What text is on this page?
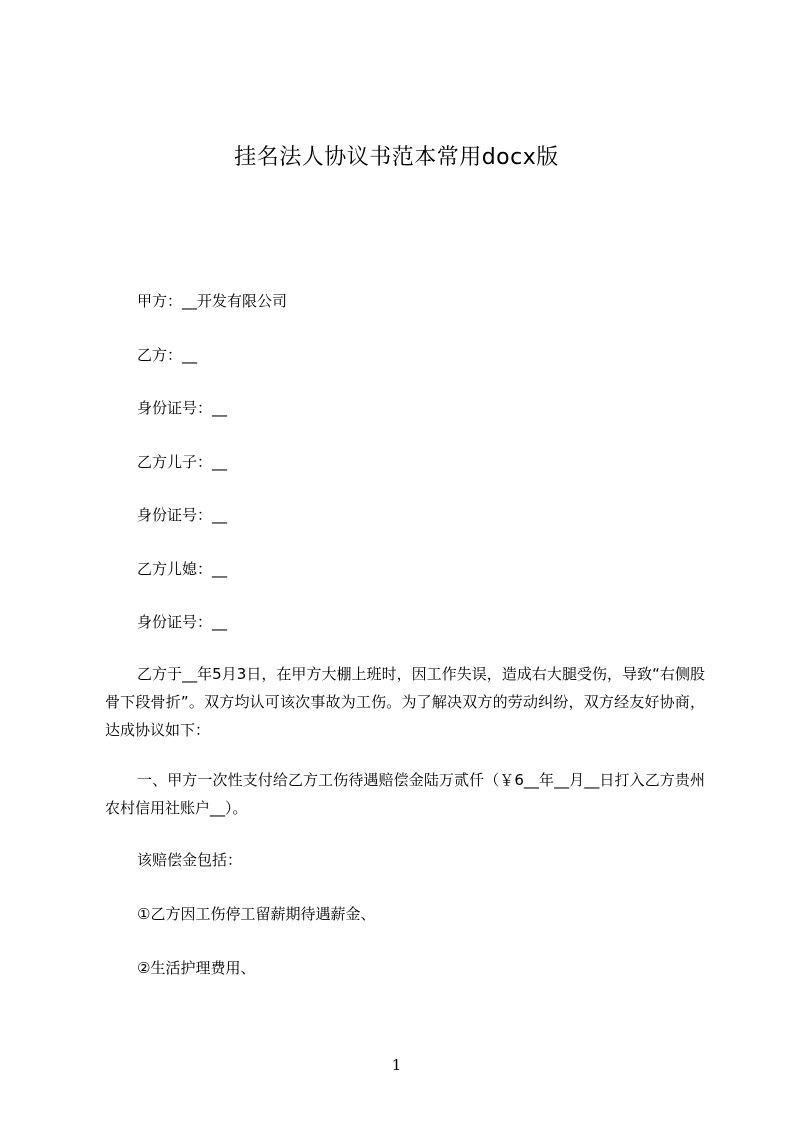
挂名法人协议书范本常用docx版
甲方：__开发有限公司
乙方：__
身份证号：__
乙方儿子：__
身份证号：__
乙方儿媳：__
身份证号：__
乙方于__年5月3日，在甲方大棚上班时，因工作失误，造成右大腿受伤，导致“右侧股骨下段骨折”。双方均认可该次事故为工伤。为了解决双方的劳动纠纷，双方经友好协商，达成协议如下：
一、甲方一次性支付给乙方工伤待遇赔偿金陆万贰仟（￥6__年__月__日打入乙方贵州农村信用社账户__）。
该赔偿金包括：
①乙方因工伤停工留薪期待遇薪金、
②生活护理费用、
1
